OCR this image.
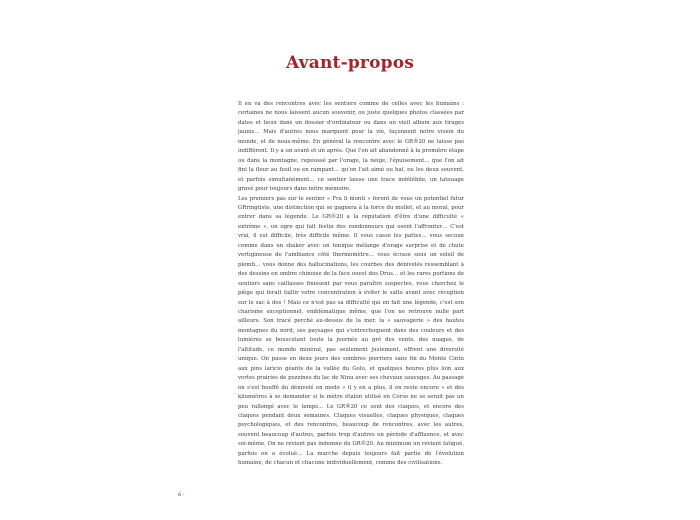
Avant-propos

Il en va des rencontres avec les sentiers comme de celles avec les humains : certaines ne nous laissent aucun souvenir, ou juste quelques photos classées par dates et lieux dans un dossier d'ordinateur ou dans un vieil album aux tirages jaunis… Mais d'autres nous marquent pour la vie, façonnent notre vision du monde, et de nous-même. En général la rencontre avec le GR®20 ne laisse pas indifférent. Il y a un avant et un après. Que l'on ait abandonné à la première étape ou dans la montagne, repoussé par l'orage, la neige, l'épuisement… que l'on ait fini la fleur au fusil ou en rampant… qu'on l'ait aimé ou haï, ou les deux souvent, et parfois simultanément… ce sentier laisse une trace indélébile, un tatouage gravé pour toujours dans notre mémoire.

Les premiers pas sur le sentier « Fra li monti » feront de vous un potentiel futur GRringtiste, une distinction qui se gagnera à la force du mollet, et au moral, pour entrer dans sa légende. Le GR®20 a la réputation d'être d'une difficulté « extrême », un ogre qui fait festin des randonneurs qui osent l'affronter… C'est vrai, il est difficile, très difficile même. Il vous casse les pattes… vous secoue comme dans un shaker avec un tonique mélange d'orage surprise et de chute vertigineuse de l'ambiance côté thermomètre… vous écrase sous un soleil de plomb… vous donne des hallucinations, les courbes des dénivelés ressemblant à des dessins en ombre chinoise de la face ouest des Drus… et les rares portions de sentiers sans caillasses finissent par vous paraître suspectes, vous cherchez le piège qui ferait faillir votre concentration à éviter le salto avant avec réception sur le sac à dos ! Mais ce n'est pas sa difficulté qui en fait une légende, c'est son charisme exceptionnel, emblématique même, que l'on ne retrouve nulle part ailleurs. Son tracé perché au-dessus de la mer, la « sauvagerie » des hautes montagnes du nord, ses paysages qui s'entrechoquent dans des couleurs et des lumières se bousculant toute la journée au gré des vents, des nuages, de l'altitude, ce monde minéral, pas seulement justement, offrent une diversité unique. On passe en deux jours des sombres pierriers sans fin du Monte Cintu aux pins laricio géants de la vallée du Golu, et quelques heures plus loin aux vertes prairies de pozzines du lac de Ninu avec ses chevaux sauvages. Au passage on s'est bouffé du dénivelé en mode « il y en a plus, il en reste encore » et des kilomètres à se demander si le mètre étalon utilisé en Corse ne se serait pas un peu rallongé avec le temps… Le GR®20 ce sont des claques, et encore des claques pendant deux semaines. Claques visuelles, claques physiques, claques psychologiques, et des rencontres, beaucoup de rencontres, avec les autres, souvent beaucoup d'autres, parfois trop d'autres en période d'affluence, et avec soi-même. On ne revient pas indemne du GR®20. Au minimum un revient fatigué, parfois on a évolué… La marche depuis toujours fait partie de l'évolution humaine, de chacun et chacune individuellement, comme des civilisations.

6 -
